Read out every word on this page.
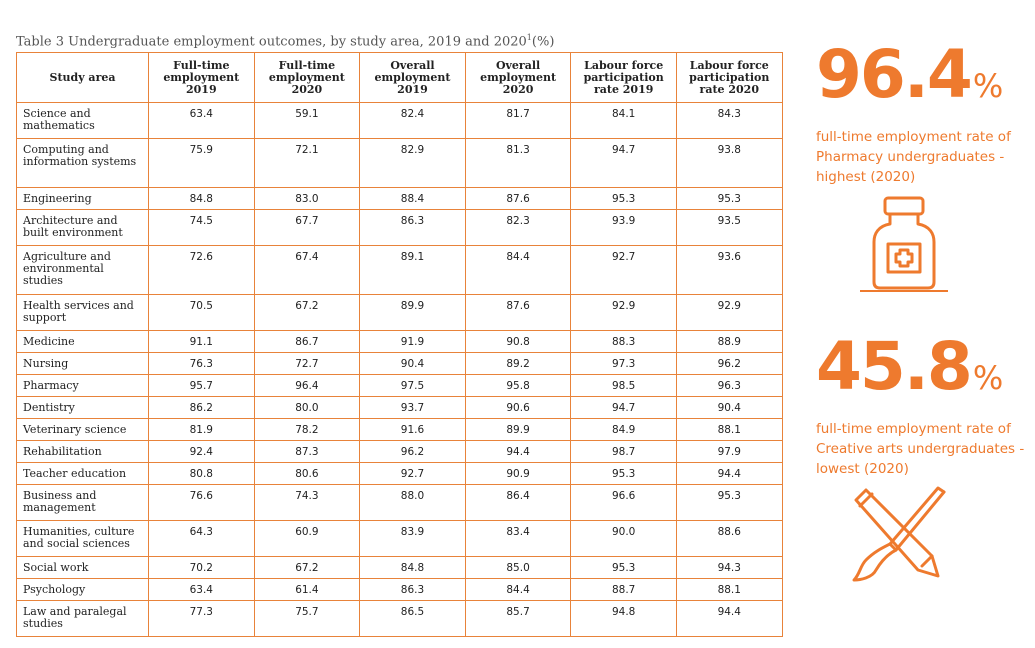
Table 3 Undergraduate employment outcomes, by study area, 2019 and 2020$^1$(%)
Study area	Full-time employment 2019	Full-time employment 2020	Overall employment 2019	Overall employment 2020	Labour force participation rate 2019	Labour force participation rate 2020
Science and mathematics	63.4	59.1	82.4	81.7	84.1	84.3
Computing and information systems	75.9	72.1	82.9	81.3	94.7	93.8
Engineering	84.8	83.0	88.4	87.6	95.3	95.3
Architecture and built environment	74.5	67.7	86.3	82.3	93.9	93.5
Agriculture and environmental studies	72.6	67.4	89.1	84.4	92.7	93.6
Health services and support	70.5	67.2	89.9	87.6	92.9	92.9
Medicine	91.1	86.7	91.9	90.8	88.3	88.9
Nursing	76.3	72.7	90.4	89.2	97.3	96.2
Pharmacy	95.7	96.4	97.5	95.8	98.5	96.3
Dentistry	86.2	80.0	93.7	90.6	94.7	90.4
Veterinary science	81.9	78.2	91.6	89.9	84.9	88.1
Rehabilitation	92.4	87.3	96.2	94.4	98.7	97.9
Teacher education	80.8	80.6	92.7	90.9	95.3	94.4
Business and management	76.6	74.3	88.0	86.4	96.6	95.3
Humanities, culture and social sciences	64.3	60.9	83.9	83.4	90.0	88.6
Social work	70.2	67.2	84.8	85.0	95.3	94.3
Psychology	63.4	61.4	86.3	84.4	88.7	88.1
Law and paralegal studies	77.3	75.7	86.5	85.7	94.8	94.4
96.4%
full-time employment rate of Pharmacy undergraduates - highest (2020)
45.8%
full-time employment rate of Creative arts undergraduates - lowest (2020)
